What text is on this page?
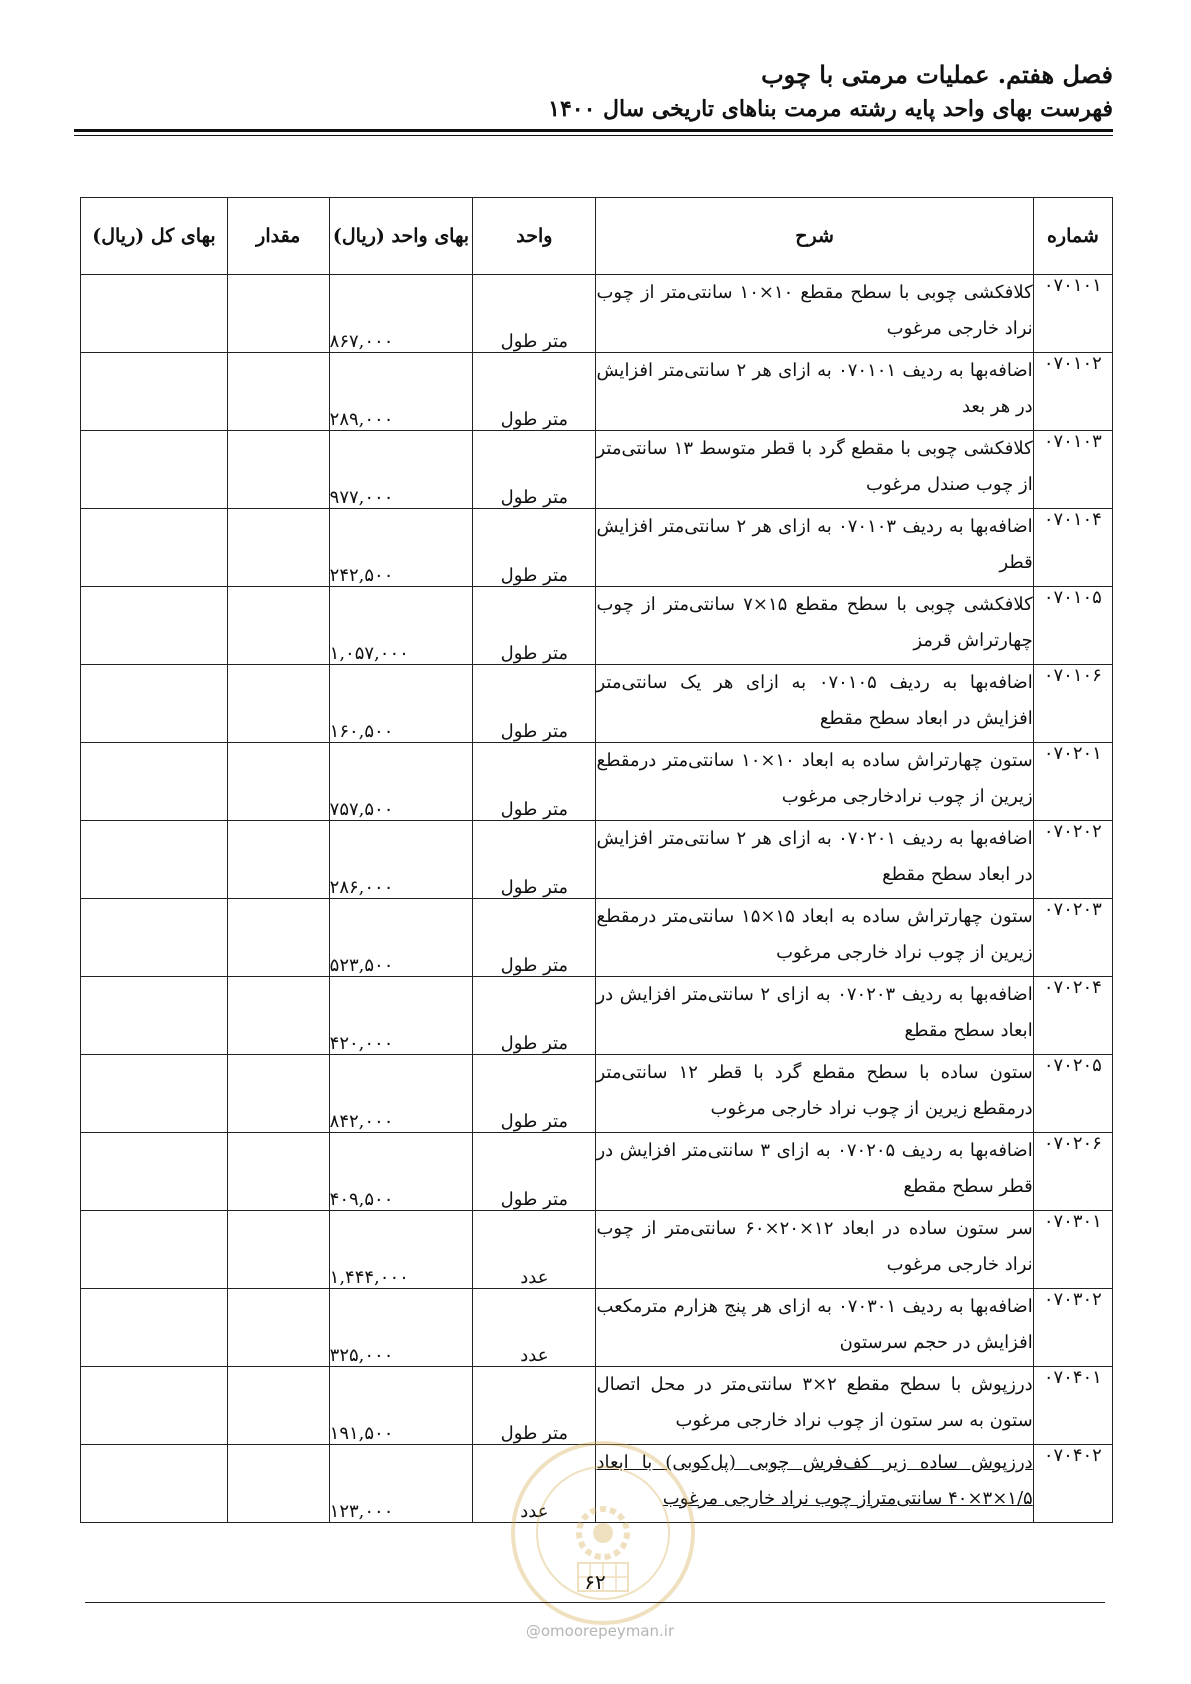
فصل هفتم. عملیات مرمتی با چوب
فهرست بهای واحد پایه رشته مرمت بناهای تاریخی سال ۱۴۰۰
شماره	شرح	واحد	بهای واحد (ریال)	مقدار	بهای کل (ریال)
۰۷۰۱۰۱	کلافکشی چوبی با سطح مقطع ۱۰×۱۰ سانتی‌متر از چوب نراد خارجی مرغوب	متر طول	۸۶۷,۰۰۰		
۰۷۰۱۰۲	اضافه‌بها به ردیف ۰۷۰۱۰۱ به ازای هر ۲ سانتی‌متر افزایش در هر بعد	متر طول	۲۸۹,۰۰۰		
۰۷۰۱۰۳	کلافکشی چوبی با مقطع گرد با قطر متوسط ۱۳ سانتی‌متر از چوب صندل مرغوب	متر طول	۹۷۷,۰۰۰		
۰۷۰۱۰۴	اضافه‌بها به ردیف ۰۷۰۱۰۳ به ازای هر ۲ سانتی‌متر افزایش قطر	متر طول	۲۴۲,۵۰۰		
۰۷۰۱۰۵	کلافکشی چوبی با سطح مقطع ۱۵×۷ سانتی‌متر از چوب چهارتراش قرمز	متر طول	۱,۰۵۷,۰۰۰		
۰۷۰۱۰۶	اضافه‌بها به ردیف ۰۷۰۱۰۵ به ازای هر یک سانتی‌متر افزایش در ابعاد سطح مقطع	متر طول	۱۶۰,۵۰۰		
۰۷۰۲۰۱	ستون چهارتراش ساده به ابعاد ۱۰×۱۰ سانتی‌متر درمقطع زیرین از چوب نرادخارجی مرغوب	متر طول	۷۵۷,۵۰۰		
۰۷۰۲۰۲	اضافه‌بها به ردیف ۰۷۰۲۰۱ به ازای هر ۲ سانتی‌متر افزایش در ابعاد سطح مقطع	متر طول	۲۸۶,۰۰۰		
۰۷۰۲۰۳	ستون چهارتراش ساده به ابعاد ۱۵×۱۵ سانتی‌متر درمقطع زیرین از چوب نراد خارجی مرغوب	متر طول	۵۲۳,۵۰۰		
۰۷۰۲۰۴	اضافه‌بها به ردیف ۰۷۰۲۰۳ به ازای ۲ سانتی‌متر افزایش در ابعاد سطح مقطع	متر طول	۴۲۰,۰۰۰		
۰۷۰۲۰۵	ستون ساده با سطح مقطع گرد با قطر ۱۲ سانتی‌متر درمقطع زیرین از چوب نراد خارجی مرغوب	متر طول	۸۴۲,۰۰۰		
۰۷۰۲۰۶	اضافه‌بها به ردیف ۰۷۰۲۰۵ به ازای ۳ سانتی‌متر افزایش در قطر سطح مقطع	متر طول	۴۰۹,۵۰۰		
۰۷۰۳۰۱	سر ستون ساده در ابعاد ۱۲×۲۰×۶۰ سانتی‌متر از چوب نراد خارجی مرغوب	عدد	۱,۴۴۴,۰۰۰		
۰۷۰۳۰۲	اضافه‌بها به ردیف ۰۷۰۳۰۱ به ازای هر پنج هزارم مترمکعب افزایش در حجم سرستون	عدد	۳۲۵,۰۰۰		
۰۷۰۴۰۱	درزپوش با سطح مقطع ۲×۳ سانتی‌متر در محل اتصال ستون به سر ستون از چوب نراد خارجی مرغوب	متر طول	۱۹۱,۵۰۰		
۰۷۰۴۰۲	درزپوش ساده زیر کف‌فرش چوبی (پل‌کوبی) با ابعاد ۱/۵×۳×۴۰ سانتی‌متراز چوب نراد خارجی مرغوب	عدد	۱۲۳,۰۰۰		
۶۲
@omoorepeyman.ir
